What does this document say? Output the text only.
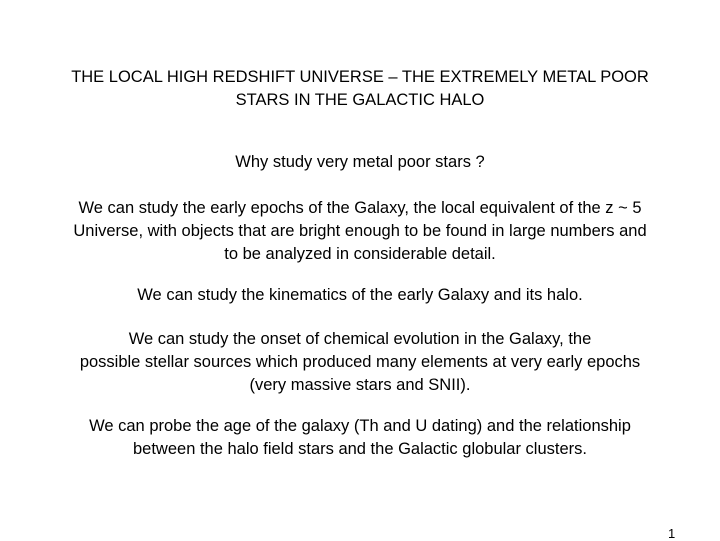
THE LOCAL HIGH REDSHIFT UNIVERSE – THE EXTREMELY METAL POOR
STARS IN THE GALACTIC HALO
Why study very metal poor stars ?
We can study the early epochs of the Galaxy, the local equivalent of the z ~ 5
Universe, with objects that are bright enough to be found in large numbers and
to be analyzed in considerable detail.
We can study the kinematics of the early Galaxy and its halo.
We can study the onset of chemical evolution in the Galaxy, the
possible stellar sources which produced many elements at very early epochs
(very massive stars and SNII).
We can probe the age of the galaxy (Th and U dating) and the relationship
between the halo field stars and the Galactic globular clusters.
1
